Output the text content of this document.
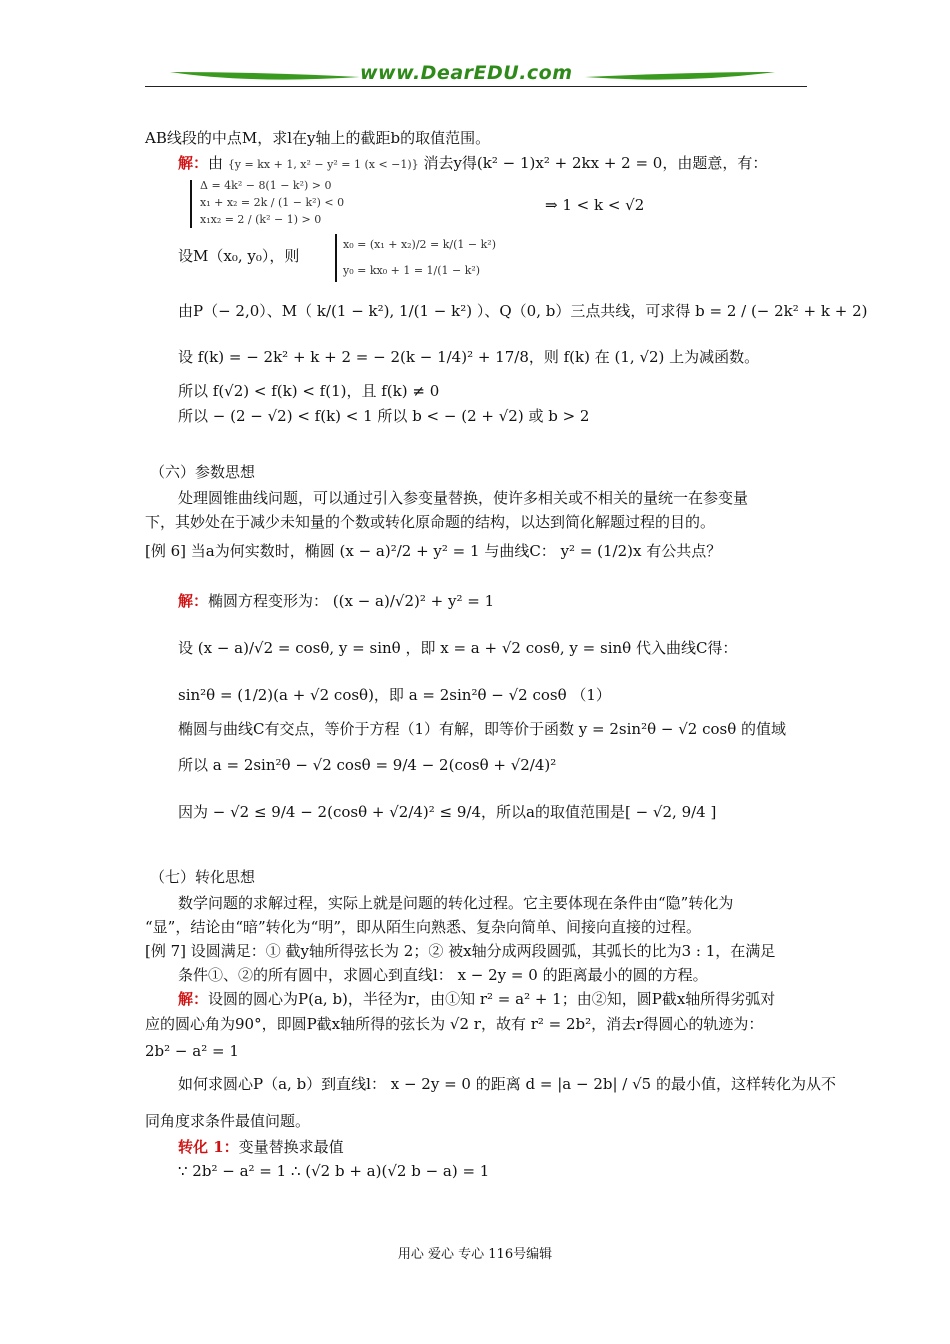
www.DearEDU.com
AB线段的中点M，求l在y轴上的截距b的取值范围。
解：由 {y = kx + 1, x² − y² = 1 (x < −1)} 消去y得(k² − 1)x² + 2kx + 2 = 0，由题意，有：
Δ = 4k² − 8(1 − k²) > 0
x₁ + x₂ = 2k / (1 − k²) < 0
x₁x₂ = 2 / (k² − 1) > 0
⇒ 1 < k < √2
设M（x₀, y₀），则
x₀ = (x₁ + x₂)/2 = k/(1 − k²)
y₀ = kx₀ + 1 = 1/(1 − k²)
由P（− 2,0）、M（ k/(1 − k²), 1/(1 − k²) ）、Q（0, b）三点共线，可求得 b = 2 / (− 2k² + k + 2)
设 f(k) = − 2k² + k + 2 = − 2(k − 1/4)² + 17/8，则 f(k) 在 (1, √2) 上为减函数。
所以 f(√2) < f(k) < f(1)，且 f(k) ≠ 0
所以 − (2 − √2) < f(k) < 1 所以 b < − (2 + √2) 或 b > 2
（六）参数思想
处理圆锥曲线问题，可以通过引入参变量替换，使许多相关或不相关的量统一在参变量
下，其妙处在于减少未知量的个数或转化原命题的结构，以达到简化解题过程的目的。
[例 6] 当a为何实数时，椭圆 (x − a)²/2 + y² = 1 与曲线C： y² = (1/2)x 有公共点？
解：椭圆方程变形为： ((x − a)/√2)² + y² = 1
设 (x − a)/√2 = cosθ, y = sinθ ，即 x = a + √2 cosθ, y = sinθ 代入曲线C得：
sin²θ = (1/2)(a + √2 cosθ)，即 a = 2sin²θ − √2 cosθ （1）
椭圆与曲线C有交点，等价于方程（1）有解，即等价于函数 y = 2sin²θ − √2 cosθ 的值域
所以 a = 2sin²θ − √2 cosθ = 9/4 − 2(cosθ + √2/4)²
因为 − √2 ≤ 9/4 − 2(cosθ + √2/4)² ≤ 9/4，所以a的取值范围是[ − √2, 9/4 ]
（七）转化思想
数学问题的求解过程，实际上就是问题的转化过程。它主要体现在条件由“隐”转化为
“显”，结论由“暗”转化为“明”，即从陌生向熟悉、复杂向简单、间接向直接的过程。
[例 7] 设圆满足：① 截y轴所得弦长为 2；② 被x轴分成两段圆弧，其弧长的比为3 : 1，在满足
条件①、②的所有圆中，求圆心到直线l： x − 2y = 0 的距离最小的圆的方程。
解：设圆的圆心为P(a, b)，半径为r，由①知 r² = a² + 1；由②知，圆P截x轴所得劣弧对
应的圆心角为90°，即圆P截x轴所得的弦长为 √2 r，故有 r² = 2b²，消去r得圆心的轨迹为：
2b² − a² = 1
如何求圆心P（a, b）到直线l： x − 2y = 0 的距离 d = |a − 2b| / √5 的最小值，这样转化为从不
同角度求条件最值问题。
转化 1：变量替换求最值
∵ 2b² − a² = 1 ∴ (√2 b + a)(√2 b − a) = 1
用心 爱心 专心 116号编辑
